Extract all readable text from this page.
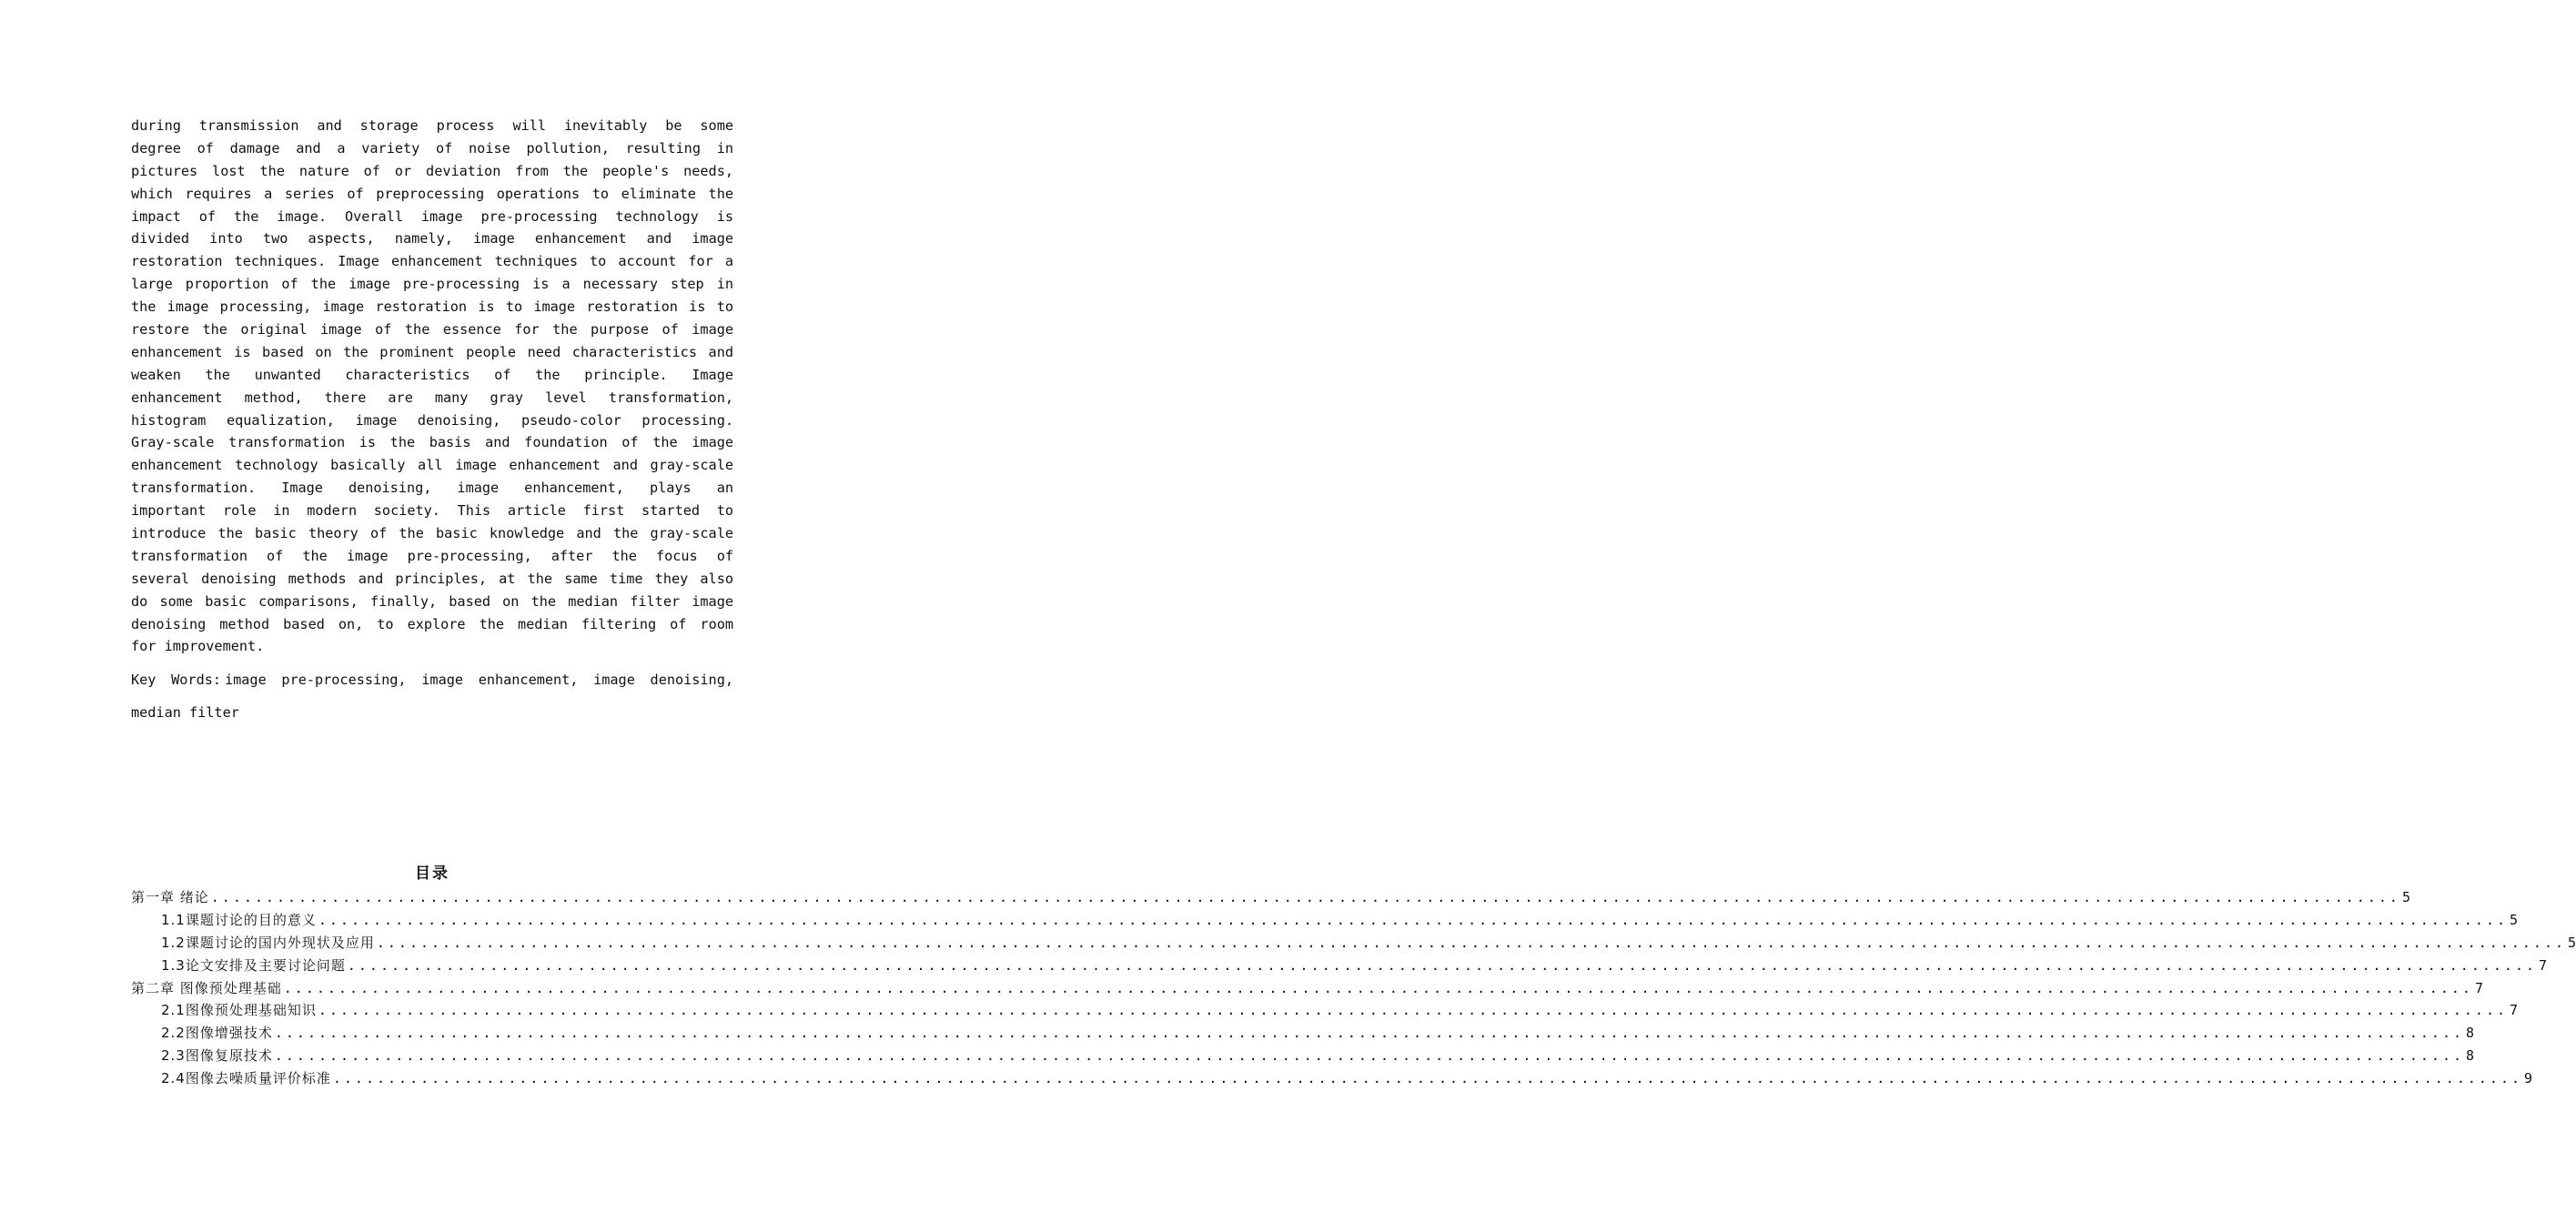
during transmission and storage process will inevitably be some
degree of damage and a variety of noise pollution, resulting in
pictures lost the nature of or deviation from the people's needs,
which requires a series of preprocessing operations to eliminate the
impact of the image. Overall image pre-processing technology is
divided into two aspects, namely, image enhancement and image
restoration techniques. Image enhancement techniques to account for a
large proportion of the image pre-processing is a necessary step in
the image processing, image restoration is to image restoration is to
restore the original image of the essence for the purpose of image
enhancement is based on the prominent people need characteristics and
weaken the unwanted characteristics of the principle. Image
enhancement method, there are many gray level transformation,
histogram equalization, image denoising, pseudo-color processing.
Gray-scale transformation is the basis and foundation of the image
enhancement technology basically all image enhancement and gray-scale
transformation. Image denoising, image enhancement, plays an
important role in modern society. This article first started to
introduce the basic theory of the basic knowledge and the gray-scale
transformation of the image pre-processing, after the focus of
several denoising methods and principles, at the same time they also
do some basic comparisons, finally, based on the median filter image
denoising method based on, to explore the median filtering of room
for improvement.
Key Words: image pre-processing, image enhancement, image denoising,
median filter
目录
第一章 绪论 ........................................................................................................................................................................................................ 5
1.1课题讨论的目的意义 ........................................................................................................................................................................................................ 5
1.2课题讨论的国内外现状及应用 ........................................................................................................................................................................................................ 5
1.3论文安排及主要讨论问题 ........................................................................................................................................................................................................ 7
第二章 图像预处理基础 ........................................................................................................................................................................................................ 7
2.1图像预处理基础知识 ........................................................................................................................................................................................................ 7
2.2图像增强技术 ........................................................................................................................................................................................................ 8
2.3图像复原技术 ........................................................................................................................................................................................................ 8
2.4图像去噪质量评价标准 ........................................................................................................................................................................................................ 9
